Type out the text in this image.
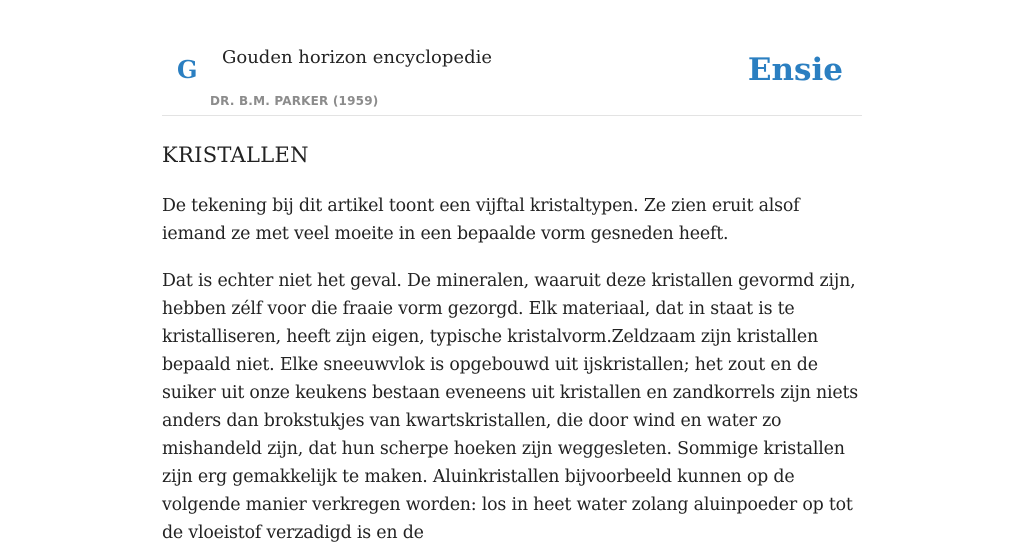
G Gouden horizon encyclopedie
DR. B.M. PARKER (1959)
Ensie
KRISTALLEN

De tekening bij dit artikel toont een vijftal kristaltypen. Ze zien eruit alsof iemand ze met veel moeite in een bepaalde vorm gesneden heeft.

Dat is echter niet het geval. De mineralen, waaruit deze kristallen gevormd zijn, hebben zélf voor die fraaie vorm gezorgd. Elk materiaal, dat in staat is te kristalliseren, heeft zijn eigen, typische kristalvorm.Zeldzaam zijn kristallen bepaald niet. Elke sneeuwvlok is opgebouwd uit ijskristallen; het zout en de suiker uit onze keukens bestaan eveneens uit kristallen en zandkorrels zijn niets anders dan brokstukjes van kwartskristallen, die door wind en water zo mishandeld zijn, dat hun scherpe hoeken zijn weggesleten. Sommige kristallen zijn erg gemakkelijk te maken. Aluinkristallen bijvoorbeeld kunnen op de volgende manier verkregen worden: los in heet water zolang aluinpoeder op tot de vloeistof verzadigd is en de
